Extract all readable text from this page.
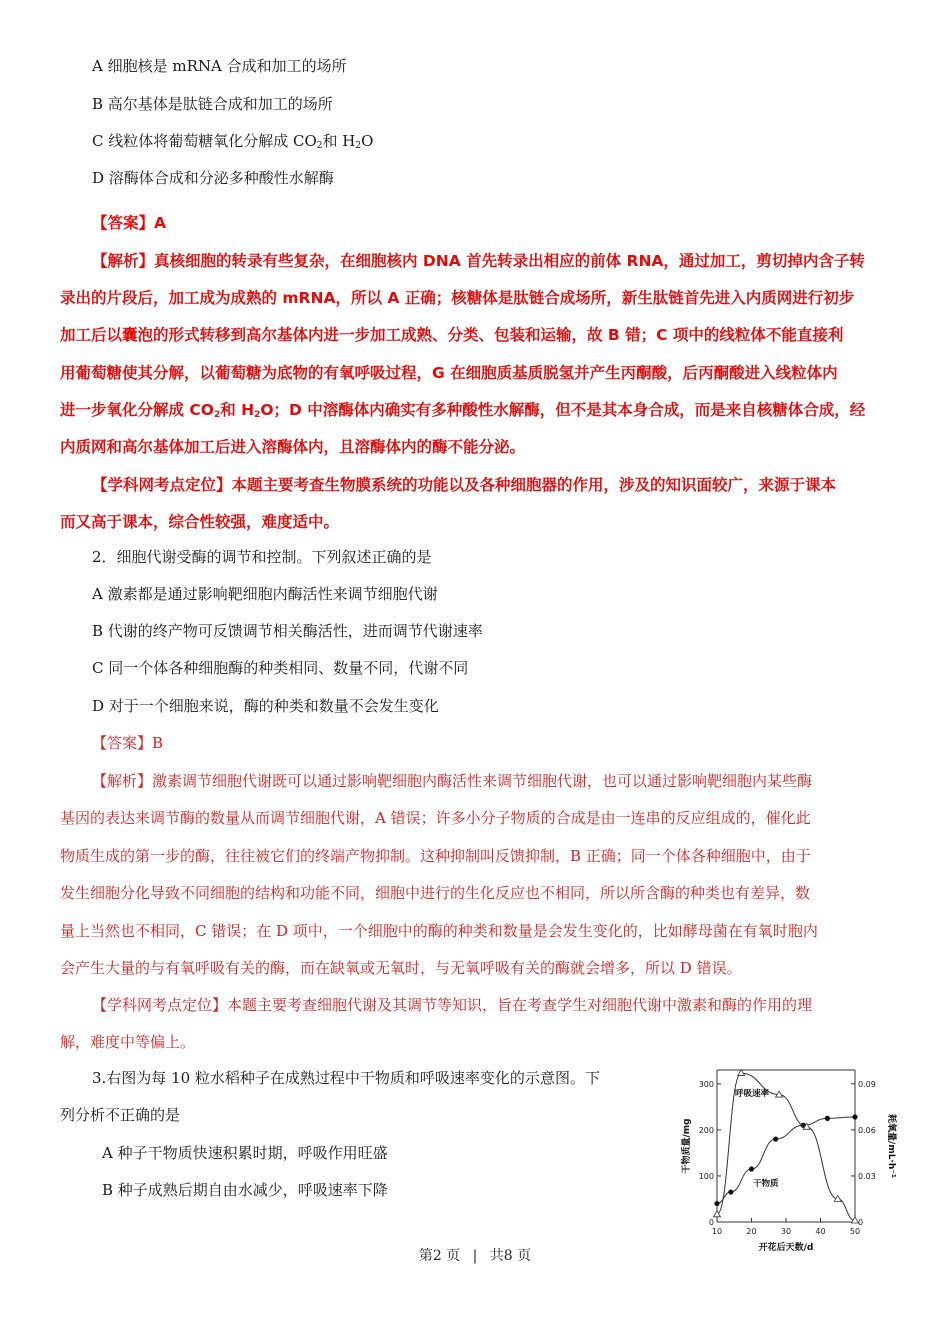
A 细胞核是 mRNA 合成和加工的场所
B 高尔基体是肽链合成和加工的场所
C 线粒体将葡萄糖氧化分解成 $CO_2$和 $H_2O$
D 溶酶体合成和分泌多种酸性水解酶
【答案】A
【解析】真核细胞的转录有些复杂，在细胞核内 DNA 首先转录出相应的前体 RNA，通过加工，剪切掉内含子转
录出的片段后，加工成为成熟的 mRNA，所以 A 正确；核糖体是肽链合成场所，新生肽链首先进入内质网进行初步
加工后以囊泡的形式转移到高尔基体内进一步加工成熟、分类、包装和运输，故 B 错；C 项中的线粒体不能直接利
用葡萄糖使其分解，以葡萄糖为底物的有氧呼吸过程，G 在细胞质基质脱氢并产生丙酮酸，后丙酮酸进入线粒体内
进一步氧化分解成 $CO_2$和 $H_2O$；D 中溶酶体内确实有多种酸性水解酶，但不是其本身合成，而是来自核糖体合成，经
内质网和高尔基体加工后进入溶酶体内，且溶酶体内的酶不能分泌。
【学科网考点定位】本题主要考查生物膜系统的功能以及各种细胞器的作用，涉及的知识面较广，来源于课本
而又高于课本，综合性较强，难度适中。
2．细胞代谢受酶的调节和控制。下列叙述正确的是
A 激素都是通过影响靶细胞内酶活性来调节细胞代谢
B 代谢的终产物可反馈调节相关酶活性，进而调节代谢速率
C 同一个体各种细胞酶的种类相同、数量不同，代谢不同
D 对于一个细胞来说，酶的种类和数量不会发生变化
【答案】B
【解析】激素调节细胞代谢既可以通过影响靶细胞内酶活性来调节细胞代谢，也可以通过影响靶细胞内某些酶
基因的表达来调节酶的数量从而调节细胞代谢，A 错误；许多小分子物质的合成是由一连串的反应组成的，催化此
物质生成的第一步的酶，往往被它们的终端产物抑制。这种抑制叫反馈抑制，B 正确；同一个体各种细胞中，由于
发生细胞分化导致不同细胞的结构和功能不同，细胞中进行的生化反应也不相同，所以所含酶的种类也有差异，数
量上当然也不相同，C 错误；在 D 项中，一个细胞中的酶的种类和数量是会发生变化的，比如酵母菌在有氧时胞内
会产生大量的与有氧呼吸有关的酶，而在缺氧或无氧时，与无氧呼吸有关的酶就会增多，所以 D 错误。
【学科网考点定位】本题主要考查细胞代谢及其调节等知识，旨在考查学生对细胞代谢中激素和酶的作用的理
解，难度中等偏上。
3.右图为每 10 粒水稻种子在成熟过程中干物质和呼吸速率变化的示意图。下
列分析不正确的是
A 种子干物质快速积累时期，呼吸作用旺盛
B 种子成熟后期自由水减少，呼吸速率下降
10	20	30	40	50
0
100
200
300
0
0.03
0.06
0.09
开花后天数/d
干物质量/mg	耗氧量/mL·h⁻¹
呼吸速率
干物质
第2 页 | 共8 页
